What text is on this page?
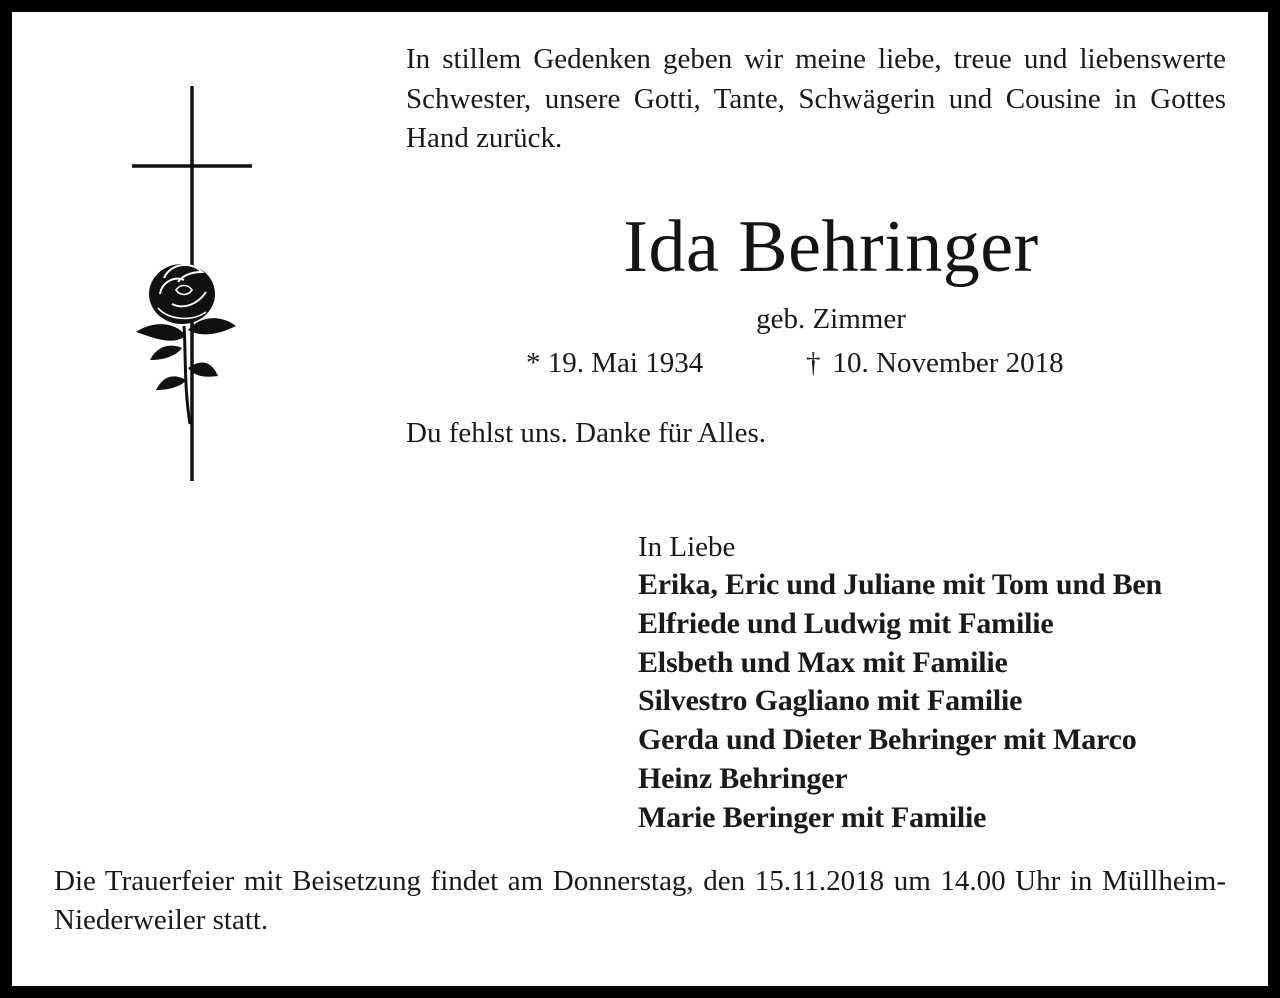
In stillem Gedenken geben wir meine liebe, treue und liebenswerte Schwester, unsere Gotti, Tante, Schwägerin und Cousine in Gottes Hand zurück.
Ida Behringer
geb. Zimmer
* 19. Mai 1934	† 10. November 2018
Du fehlst uns. Danke für Alles.
In Liebe
Erika, Eric und Juliane mit Tom und Ben
Elfriede und Ludwig mit Familie
Elsbeth und Max mit Familie
Silvestro Gagliano mit Familie
Gerda und Dieter Behringer mit Marco
Heinz Behringer
Marie Beringer mit Familie
Die Trauerfeier mit Beisetzung findet am Donnerstag, den 15.11.2018 um 14.00 Uhr in Müllheim-Niederweiler statt.
